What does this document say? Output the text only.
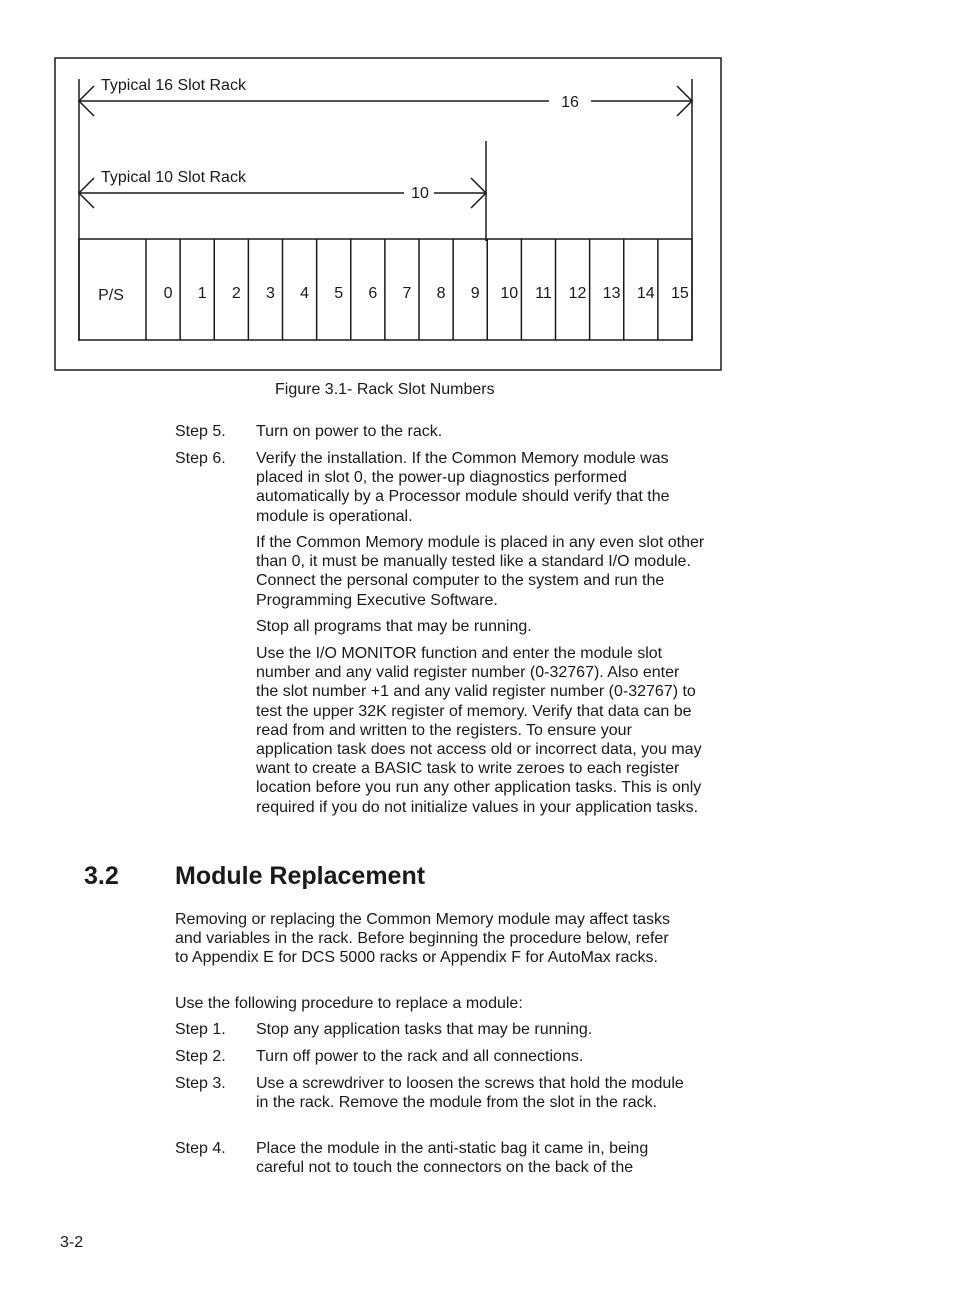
Typical 16 Slot Rack
16
Typical 10 Slot Rack
10
P/S 0 1 2 3 4 5 6 7 8 9 10 11 12 13 14 15
Figure 3.1- Rack Slot Numbers
Step 5. Turn on power to the rack.
Step 6. Verify the installation. If the Common Memory module was placed in slot 0, the power-up diagnostics performed automatically by a Processor module should verify that the module is operational.
If the Common Memory module is placed in any even slot other than 0, it must be manually tested like a standard I/O module. Connect the personal computer to the system and run the Programming Executive Software.
Stop all programs that may be running.
Use the I/O MONITOR function and enter the module slot number and any valid register number (0-32767). Also enter the slot number +1 and any valid register number (0-32767) to test the upper 32K register of memory. Verify that data can be read from and written to the registers. To ensure your application task does not access old or incorrect data, you may want to create a BASIC task to write zeroes to each register location before you run any other application tasks. This is only required if you do not initialize values in your application tasks.
3.2 Module Replacement
Removing or replacing the Common Memory module may affect tasks and variables in the rack. Before beginning the procedure below, refer to Appendix E for DCS 5000 racks or Appendix F for AutoMax racks.
Use the following procedure to replace a module:
Step 1. Stop any application tasks that may be running.
Step 2. Turn off power to the rack and all connections.
Step 3. Use a screwdriver to loosen the screws that hold the module in the rack. Remove the module from the slot in the rack.
Step 4. Place the module in the anti-static bag it came in, being careful not to touch the connectors on the back of the
3-2
